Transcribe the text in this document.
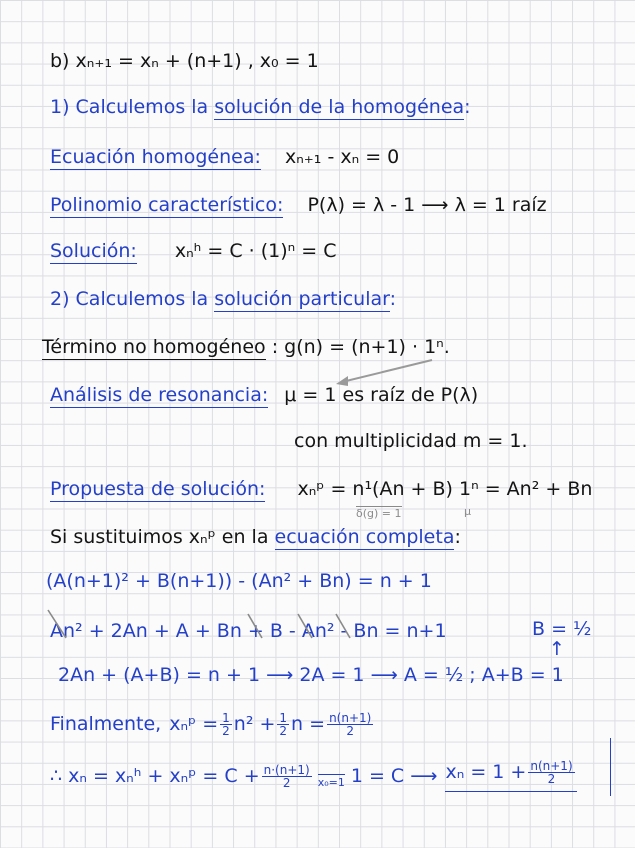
b) xₙ₊₁ = xₙ + (n+1) , x₀ = 1
1) Calculemos la solución de la homogénea:
Ecuación homogénea: xₙ₊₁ - xₙ = 0
Polinomio característico: P(λ) = λ - 1 ⟶ λ = 1 raíz
Solución: xₙʰ = C · (1)ⁿ = C
2) Calculemos la solución particular:
Término no homogéneo : g(n) = (n+1) · 1ⁿ.
Análisis de resonancia: μ = 1 es raíz de P(λ)
con multiplicidad m = 1.
Propuesta de solución: xₙᵖ = n¹(An + B) 1ⁿ = An² + Bn
δ(g) = 1	μ
Si sustituimos xₙᵖ en la ecuación completa:
(A(n+1)² + B(n+1)) - (An² + Bn) = n + 1
An² + 2An + A + Bn + B - An² - Bn = n+1	B = ½
↑
2An + (A+B) = n + 1 ⟶ 2A = 1 ⟶ A = ½ ; A+B = 1
Finalmente, xₙᵖ = $\frac{1}{2} n^2 + \frac{1}{2}$ $n = \frac{n(n+1)}{2}$
∴ xₙ = xₙʰ + xₙᵖ = $C + \frac{n\cdot(n+1)}{2} x_0=1$ 1 = C ⟶ $x_n = 1 + \frac{n(n+1)}{2}$
